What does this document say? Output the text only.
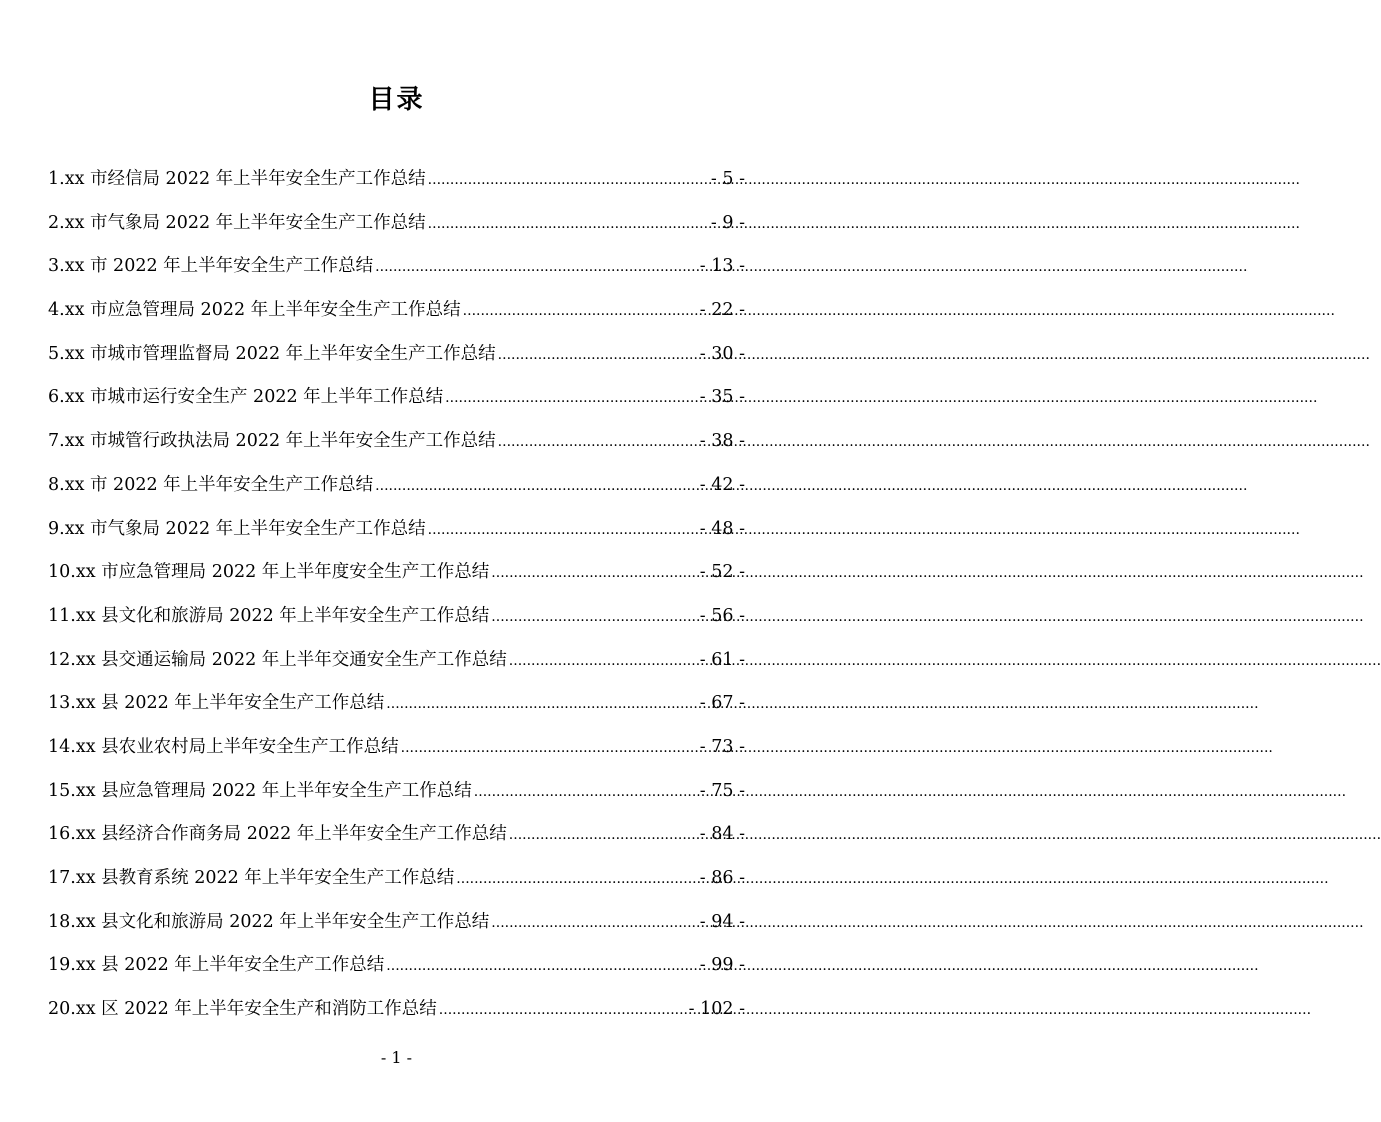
目录
1.xx 市经信局 2022 年上半年安全生产工作总结 .....	- 5 -
2.xx 市气象局 2022 年上半年安全生产工作总结 .....	- 9 -
3.xx 市 2022 年上半年安全生产工作总结 .....	- 13 -
4.xx 市应急管理局 2022 年上半年安全生产工作总结 .....	- 22 -
5.xx 市城市管理监督局 2022 年上半年安全生产工作总结 .....	- 30 -
6.xx 市城市运行安全生产 2022 年上半年工作总结 .....	- 35 -
7.xx 市城管行政执法局 2022 年上半年安全生产工作总结 .....	- 38 -
8.xx 市 2022 年上半年安全生产工作总结 .....	- 42 -
9.xx 市气象局 2022 年上半年安全生产工作总结 .....	- 48 -
10.xx 市应急管理局 2022 年上半年度安全生产工作总结 .....	- 52 -
11.xx 县文化和旅游局 2022 年上半年安全生产工作总结 .....	- 56 -
12.xx 县交通运输局 2022 年上半年交通安全生产工作总结 .....	- 61 -
13.xx 县 2022 年上半年安全生产工作总结 .....	- 67 -
14.xx 县农业农村局上半年安全生产工作总结 .....	- 73 -
15.xx 县应急管理局 2022 年上半年安全生产工作总结 .....	- 75 -
16.xx 县经济合作商务局 2022 年上半年安全生产工作总结 .....	- 84 -
17.xx 县教育系统 2022 年上半年安全生产工作总结 .....	- 86 -
18.xx 县文化和旅游局 2022 年上半年安全生产工作总结 .....	- 94 -
19.xx 县 2022 年上半年安全生产工作总结 .....	- 99 -
20.xx 区 2022 年上半年安全生产和消防工作总结 .....	- 102 -
- 1 -
